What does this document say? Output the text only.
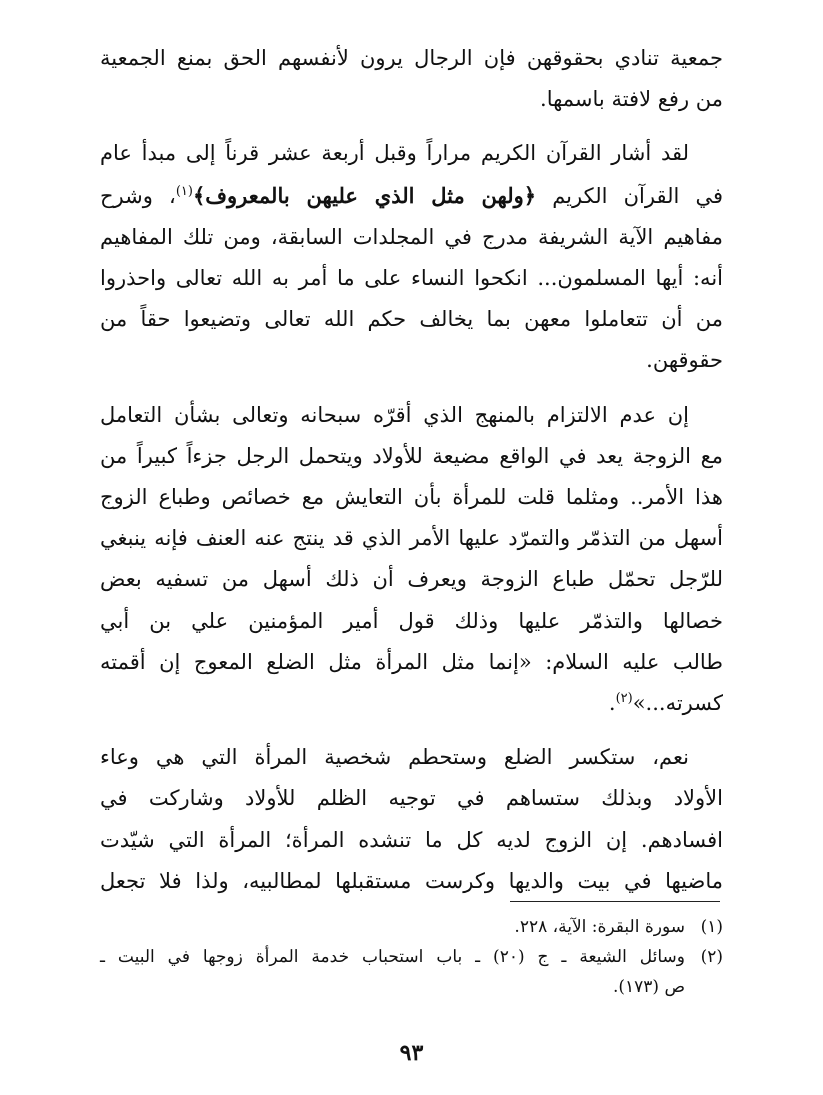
جمعية تنادي بحقوقهن فإن الرجال يرون لأنفسهم الحق بمنع الجمعية
من رفع لافتة باسمها.
لقد أشار القرآن الكريم مراراً وقبل أربعة عشر قرناً إلى مبدأ عام
في القرآن الكريم ﴿ولهن مثل الذي عليهن بالمعروف﴾$^{(١)}$، وشرح
مفاهيم الآية الشريفة مدرج في المجلدات السابقة، ومن تلك المفاهيم
أنه: أيها المسلمون... انكحوا النساء على ما أمر به الله تعالى واحذروا
من أن تتعاملوا معهن بما يخالف حكم الله تعالى وتضيعوا حقاً من
حقوقهن.
إن عدم الالتزام بالمنهج الذي أقرّه سبحانه وتعالى بشأن التعامل
مع الزوجة يعد في الواقع مضيعة للأولاد ويتحمل الرجل جزءاً كبيراً من
هذا الأمر.. ومثلما قلت للمرأة بأن التعايش مع خصائص وطباع الزوج
أسهل من التذمّر والتمرّد عليها الأمر الذي قد ينتج عنه العنف فإنه ينبغي
للرّجل تحمّل طباع الزوجة ويعرف أن ذلك أسهل من تسفيه بعض
خصالها والتذمّر عليها وذلك قول أمير المؤمنين علي بن أبي
طالب عليه السلام: «إنما مثل المرأة مثل الضلع المعوج إن أقمته
كسرته...»$^{(٢)}$.
نعم، ستكسر الضلع وستحطم شخصية المرأة التي هي وعاء
الأولاد وبذلك ستساهم في توجيه الظلم للأولاد وشاركت في
افسادهم. إن الزوج لديه كل ما تنشده المرأة؛ المرأة التي شيّدت
ماضيها في بيت والديها وكرست مستقبلها لمطالبيه، ولذا فلا تجعل
(١)
سورة البقرة: الآية، ٢٢٨.
(٢)
وسائل الشيعة ـ ج (٢٠) ـ باب استحباب خدمة المرأة زوجها في البيت ـ
ص (١٧٣).
٩٣
